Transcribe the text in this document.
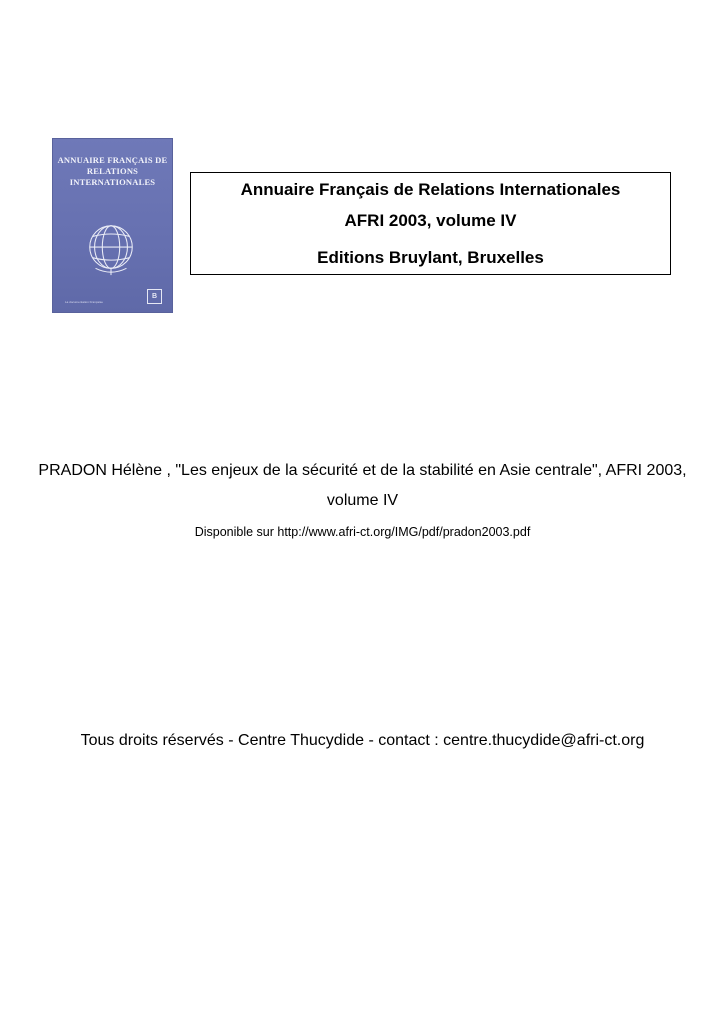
ANNUAIRE FRANÇAIS DE RELATIONS INTERNATIONALES
La documentation Française
B
Annuaire Français de Relations Internationales
AFRI 2003, volume IV
Editions Bruylant, Bruxelles
PRADON Hélène , "Les enjeux de la sécurité et de la stabilité en Asie centrale", AFRI 2003, volume IV
Disponible sur http://www.afri-ct.org/IMG/pdf/pradon2003.pdf
Tous droits réservés - Centre Thucydide - contact : centre.thucydide@afri-ct.org
